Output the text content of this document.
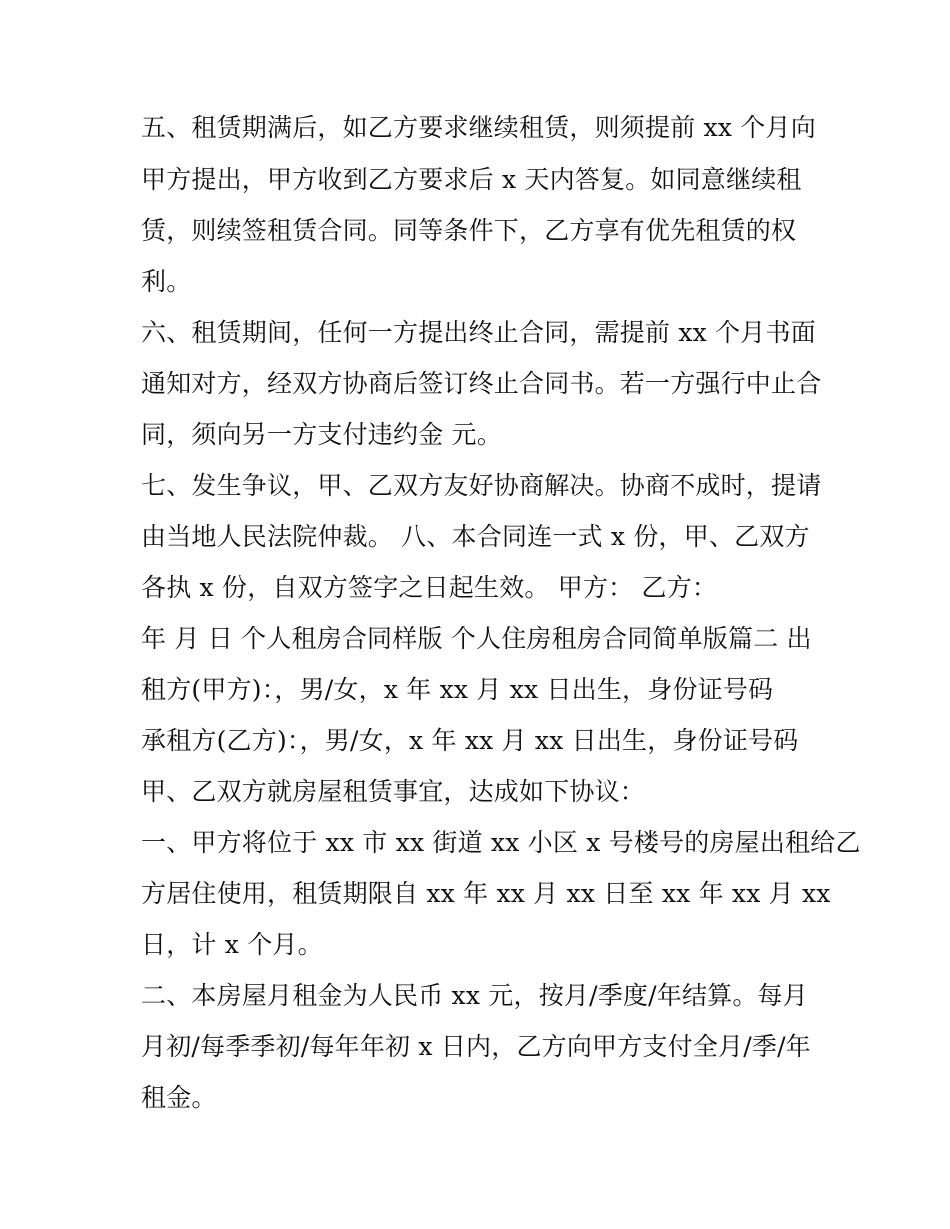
五、租赁期满后，如乙方要求继续租赁，则须提前 xx 个月向
甲方提出，甲方收到乙方要求后 x 天内答复。如同意继续租
赁，则续签租赁合同。同等条件下，乙方享有优先租赁的权
利。
六、租赁期间，任何一方提出终止合同，需提前 xx 个月书面
通知对方，经双方协商后签订终止合同书。若一方强行中止合
同，须向另一方支付违约金 元。
七、发生争议，甲、乙双方友好协商解决。协商不成时，提请
由当地人民法院仲裁。 八、本合同连一式 x 份，甲、乙双方
各执 x 份，自双方签字之日起生效。 甲方： 乙方：
年 月 日 个人租房合同样版 个人住房租房合同简单版篇二 出
租方(甲方)：，男/女，x 年 xx 月 xx 日出生，身份证号码
承租方(乙方)：，男/女，x 年 xx 月 xx 日出生，身份证号码
甲、乙双方就房屋租赁事宜，达成如下协议：
一、甲方将位于 xx 市 xx 街道 xx 小区 x 号楼号的房屋出租给乙
方居住使用，租赁期限自 xx 年 xx 月 xx 日至 xx 年 xx 月 xx
日，计 x 个月。
二、本房屋月租金为人民币 xx 元，按月/季度/年结算。每月
月初/每季季初/每年年初 x 日内，乙方向甲方支付全月/季/年
租金。
